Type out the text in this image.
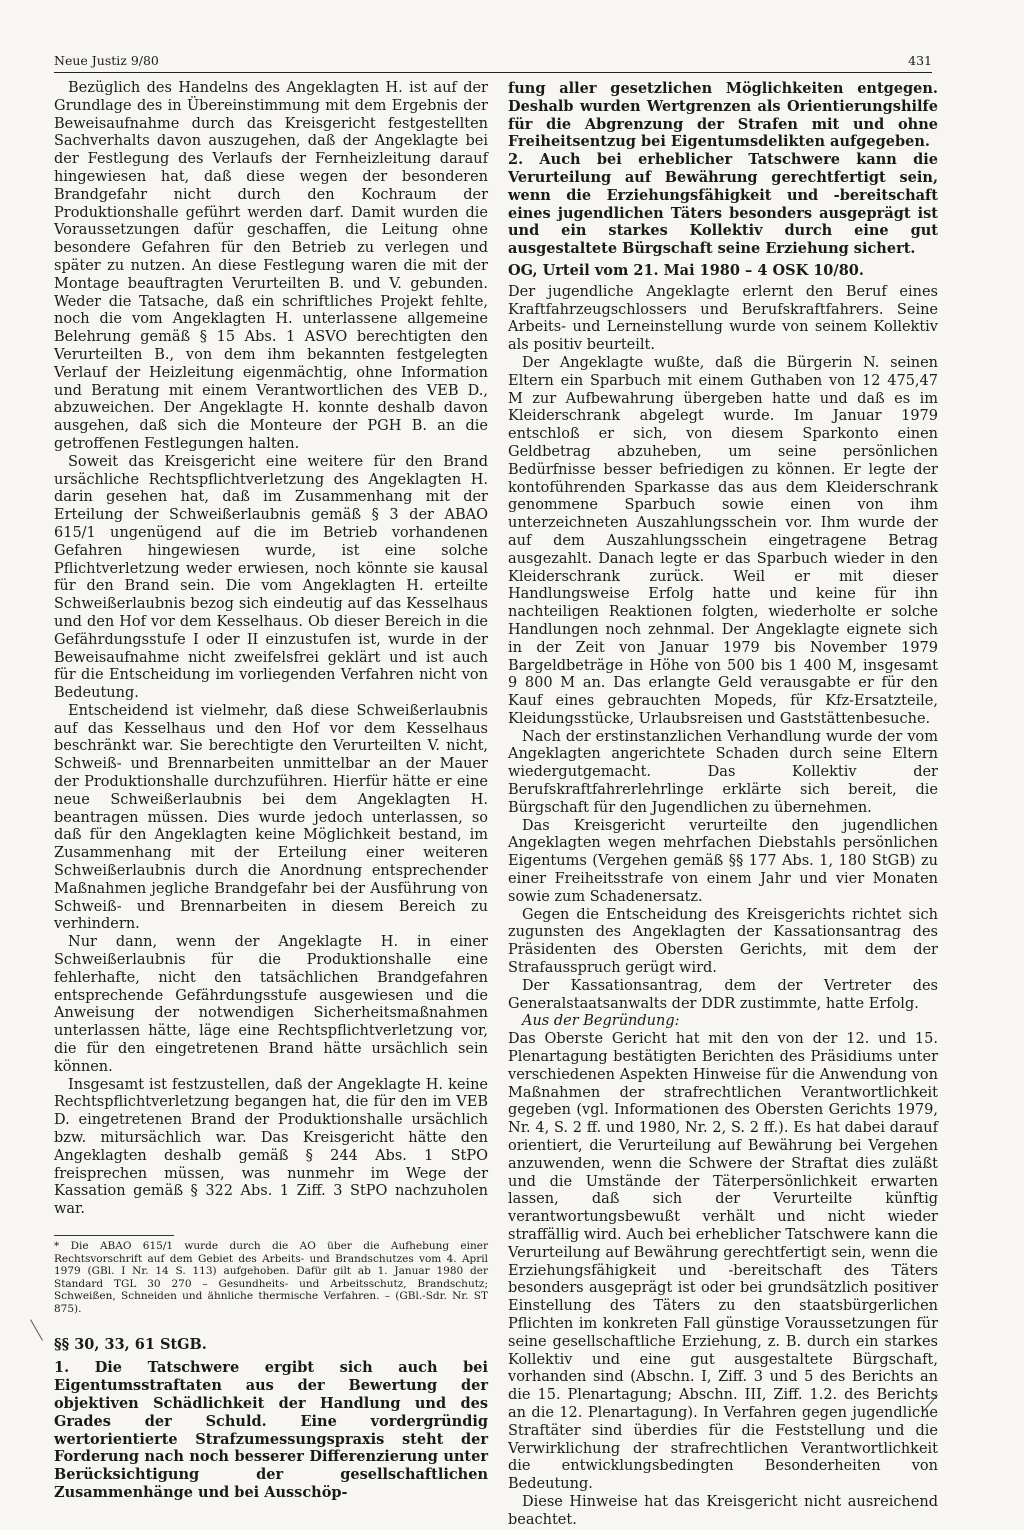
Neue Justiz 9/80	431

Bezüglich des Handelns des Angeklagten H. ist auf der Grundlage des in Übereinstimmung mit dem Ergebnis der Beweisaufnahme durch das Kreisgericht festgestellten Sachverhalts davon auszugehen, daß der Angeklagte bei der Festlegung des Verlaufs der Fernheizleitung darauf hingewiesen hat, daß diese wegen der besonderen Brandgefahr nicht durch den Kochraum der Produktionshalle geführt werden darf. Damit wurden die Voraussetzungen dafür geschaffen, die Leitung ohne besondere Gefahren für den Betrieb zu verlegen und später zu nutzen. An diese Festlegung waren die mit der Montage beauftragten Verurteilten B. und V. gebunden. Weder die Tatsache, daß ein schriftliches Projekt fehlte, noch die vom Angeklagten H. unterlassene allgemeine Belehrung gemäß § 15 Abs. 1 ASVO berechtigten den Verurteilten B., von dem ihm bekannten festgelegten Verlauf der Heizleitung eigenmächtig, ohne Information und Beratung mit einem Verantwortlichen des VEB D., abzuweichen. Der Angeklagte H. konnte deshalb davon ausgehen, daß sich die Monteure der PGH B. an die getroffenen Festlegungen halten.

Soweit das Kreisgericht eine weitere für den Brand ursächliche Rechtspflichtverletzung des Angeklagten H. darin gesehen hat, daß im Zusammenhang mit der Erteilung der Schweißerlaubnis gemäß § 3 der ABAO 615/1 ungenügend auf die im Betrieb vorhandenen Gefahren hingewiesen wurde, ist eine solche Pflichtverletzung weder erwiesen, noch könnte sie kausal für den Brand sein. Die vom Angeklagten H. erteilte Schweißerlaubnis bezog sich eindeutig auf das Kesselhaus und den Hof vor dem Kesselhaus. Ob dieser Bereich in die Gefährdungsstufe I oder II einzustufen ist, wurde in der Beweisaufnahme nicht zweifelsfrei geklärt und ist auch für die Entscheidung im vorliegenden Verfahren nicht von Bedeutung.

Entscheidend ist vielmehr, daß diese Schweißerlaubnis auf das Kesselhaus und den Hof vor dem Kesselhaus beschränkt war. Sie berechtigte den Verurteilten V. nicht, Schweiß- und Brennarbeiten unmittelbar an der Mauer der Produktionshalle durchzuführen. Hierfür hätte er eine neue Schweißerlaubnis bei dem Angeklagten H. beantragen müssen. Dies wurde jedoch unterlassen, so daß für den Angeklagten keine Möglichkeit bestand, im Zusammenhang mit der Erteilung einer weiteren Schweißerlaubnis durch die Anordnung entsprechender Maßnahmen jegliche Brandgefahr bei der Ausführung von Schweiß- und Brennarbeiten in diesem Bereich zu verhindern.

Nur dann, wenn der Angeklagte H. in einer Schweißerlaubnis für die Produktionshalle eine fehlerhafte, nicht den tatsächlichen Brandgefahren entsprechende Gefährdungsstufe ausgewiesen und die Anweisung der notwendigen Sicherheitsmaßnahmen unterlassen hätte, läge eine Rechtspflichtverletzung vor, die für den eingetretenen Brand hätte ursächlich sein können.

Insgesamt ist festzustellen, daß der Angeklagte H. keine Rechtspflichtverletzung begangen hat, die für den im VEB D. eingetretenen Brand der Produktionshalle ursächlich bzw. mitursächlich war. Das Kreisgericht hätte den Angeklagten deshalb gemäß § 244 Abs. 1 StPO freisprechen müssen, was nunmehr im Wege der Kassation gemäß § 322 Abs. 1 Ziff. 3 StPO nachzuholen war.

* Die ABAO 615/1 wurde durch die AO über die Aufhebung einer Rechtsvorschrift auf dem Gebiet des Arbeits- und Brandschutzes vom 4. April 1979 (GBl. I Nr. 14 S. 113) aufgehoben. Dafür gilt ab 1. Januar 1980 der Standard TGL 30 270 – Gesundheits- und Arbeitsschutz, Brandschutz; Schweißen, Schneiden und ähnliche thermische Verfahren. – (GBl.-Sdr. Nr. ST 875).

§§ 30, 33, 61 StGB.

1. Die Tatschwere ergibt sich auch bei Eigentumsstraftaten aus der Bewertung der objektiven Schädlichkeit der Handlung und des Grades der Schuld. Eine vordergründig wertorientierte Strafzumessungspraxis steht der Forderung nach noch besserer Differenzierung unter Berücksichtigung der gesellschaftlichen Zusammenhänge und bei Ausschöp-

fung aller gesetzlichen Möglichkeiten entgegen. Deshalb wurden Wertgrenzen als Orientierungshilfe für die Abgrenzung der Strafen mit und ohne Freiheitsentzug bei Eigentumsdelikten aufgegeben.

2. Auch bei erheblicher Tatschwere kann die Verurteilung auf Bewährung gerechtfertigt sein, wenn die Erziehungsfähigkeit und -bereitschaft eines jugendlichen Täters besonders ausgeprägt ist und ein starkes Kollektiv durch eine gut ausgestaltete Bürgschaft seine Erziehung sichert.

OG, Urteil vom 21. Mai 1980 – 4 OSK 10/80.

Der jugendliche Angeklagte erlernt den Beruf eines Kraftfahrzeugschlossers und Berufskraftfahrers. Seine Arbeits- und Lerneinstellung wurde von seinem Kollektiv als positiv beurteilt.

Der Angeklagte wußte, daß die Bürgerin N. seinen Eltern ein Sparbuch mit einem Guthaben von 12 475,47 M zur Aufbewahrung übergeben hatte und daß es im Kleiderschrank abgelegt wurde. Im Januar 1979 entschloß er sich, von diesem Sparkonto einen Geldbetrag abzuheben, um seine persönlichen Bedürfnisse besser befriedigen zu können. Er legte der kontoführenden Sparkasse das aus dem Kleiderschrank genommene Sparbuch sowie einen von ihm unterzeichneten Auszahlungsschein vor. Ihm wurde der auf dem Auszahlungsschein eingetragene Betrag ausgezahlt. Danach legte er das Sparbuch wieder in den Kleiderschrank zurück. Weil er mit dieser Handlungsweise Erfolg hatte und keine für ihn nachteiligen Reaktionen folgten, wiederholte er solche Handlungen noch zehnmal. Der Angeklagte eignete sich in der Zeit von Januar 1979 bis November 1979 Bargeldbeträge in Höhe von 500 bis 1 400 M, insgesamt 9 800 M an. Das erlangte Geld verausgabte er für den Kauf eines gebrauchten Mopeds, für Kfz-Ersatzteile, Kleidungsstücke, Urlaubsreisen und Gaststättenbesuche.

Nach der erstinstanzlichen Verhandlung wurde der vom Angeklagten angerichtete Schaden durch seine Eltern wiedergutgemacht. Das Kollektiv der Berufskraftfahrerlehrlinge erklärte sich bereit, die Bürgschaft für den Jugendlichen zu übernehmen.

Das Kreisgericht verurteilte den jugendlichen Angeklagten wegen mehrfachen Diebstahls persönlichen Eigentums (Vergehen gemäß §§ 177 Abs. 1, 180 StGB) zu einer Freiheitsstrafe von einem Jahr und vier Monaten sowie zum Schadenersatz.

Gegen die Entscheidung des Kreisgerichts richtet sich zugunsten des Angeklagten der Kassationsantrag des Präsidenten des Obersten Gerichts, mit dem der Strafausspruch gerügt wird.

Der Kassationsantrag, dem der Vertreter des Generalstaatsanwalts der DDR zustimmte, hatte Erfolg.

Aus der Begründung:

Das Oberste Gericht hat mit den von der 12. und 15. Plenartagung bestätigten Berichten des Präsidiums unter verschiedenen Aspekten Hinweise für die Anwendung von Maßnahmen der strafrechtlichen Verantwortlichkeit gegeben (vgl. Informationen des Obersten Gerichts 1979, Nr. 4, S. 2 ff. und 1980, Nr. 2, S. 2 ff.). Es hat dabei darauf orientiert, die Verurteilung auf Bewährung bei Vergehen anzuwenden, wenn die Schwere der Straftat dies zuläßt und die Umstände der Täterpersönlichkeit erwarten lassen, daß sich der Verurteilte künftig verantwortungsbewußt verhält und nicht wieder straffällig wird. Auch bei erheblicher Tatschwere kann die Verurteilung auf Bewährung gerechtfertigt sein, wenn die Erziehungsfähigkeit und -bereitschaft des Täters besonders ausgeprägt ist oder bei grundsätzlich positiver Einstellung des Täters zu den staatsbürgerlichen Pflichten im konkreten Fall günstige Voraussetzungen für seine gesellschaftliche Erziehung, z. B. durch ein starkes Kollektiv und eine gut ausgestaltete Bürgschaft, vorhanden sind (Abschn. I, Ziff. 3 und 5 des Berichts an die 15. Plenartagung; Abschn. III, Ziff. 1.2. des Berichts an die 12. Plenartagung). In Verfahren gegen jugendliche Straftäter sind überdies für die Feststellung und die Verwirklichung der strafrechtlichen Verantwortlichkeit die entwicklungsbedingten Besonderheiten von Bedeutung.

Diese Hinweise hat das Kreisgericht nicht ausreichend beachtet.
